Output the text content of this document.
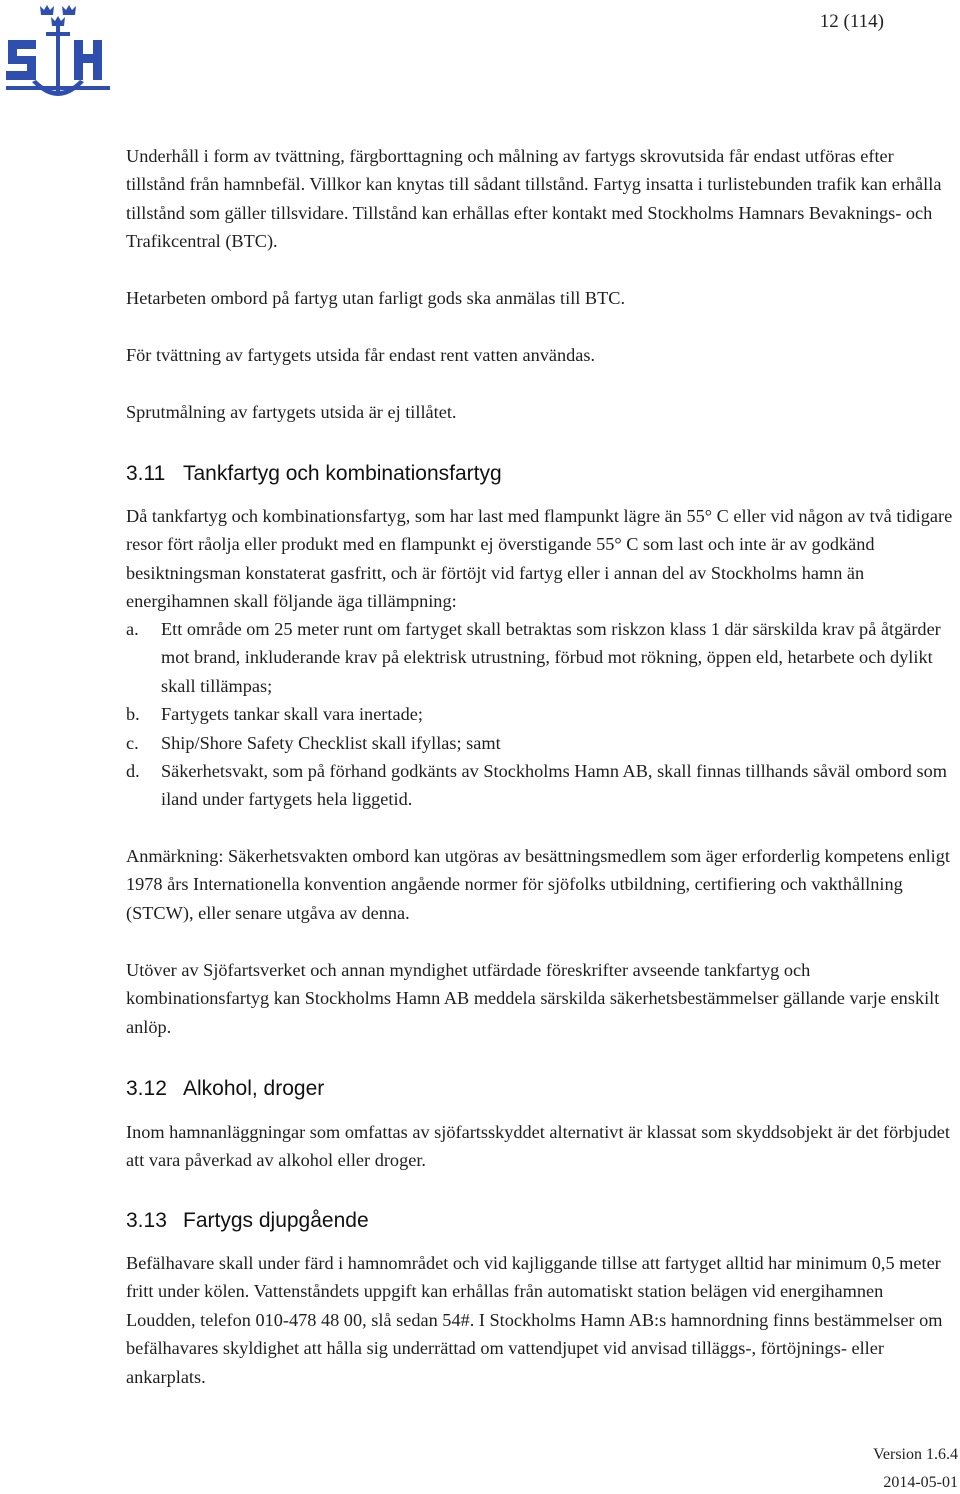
12 (114)

Underhåll i form av tvättning, färgborttagning och målning av fartygs skrovutsida får endast utföras efter tillstånd från hamnbefäl. Villkor kan knytas till sådant tillstånd. Fartyg insatta i turlistebunden trafik kan erhålla tillstånd som gäller tillsvidare. Tillstånd kan erhållas efter kontakt med Stockholms Hamnars Bevaknings- och Trafikcentral (BTC).

Hetarbeten ombord på fartyg utan farligt gods ska anmälas till BTC.

För tvättning av fartygets utsida får endast rent vatten användas.

Sprutmålning av fartygets utsida är ej tillåtet.

3.11 Tankfartyg och kombinationsfartyg

Då tankfartyg och kombinationsfartyg, som har last med flampunkt lägre än 55° C eller vid någon av två tidigare resor fört råolja eller produkt med en flampunkt ej överstigande 55° C som last och inte är av godkänd besiktningsman konstaterat gasfritt, och är förtöjt vid fartyg eller i annan del av Stockholms hamn än energihamnen skall följande äga tillämpning:

a. Ett område om 25 meter runt om fartyget skall betraktas som riskzon klass 1 där särskilda krav på åtgärder mot brand, inkluderande krav på elektrisk utrustning, förbud mot rökning, öppen eld, hetarbete och dylikt skall tillämpas;

b. Fartygets tankar skall vara inertade;

c. Ship/Shore Safety Checklist skall ifyllas; samt

d. Säkerhetsvakt, som på förhand godkänts av Stockholms Hamn AB, skall finnas tillhands såväl ombord som iland under fartygets hela liggetid.

Anmärkning: Säkerhetsvakten ombord kan utgöras av besättningsmedlem som äger erforderlig kompetens enligt 1978 års Internationella konvention angående normer för sjöfolks utbildning, certifiering och vakthållning (STCW), eller senare utgåva av denna.

Utöver av Sjöfartsverket och annan myndighet utfärdade föreskrifter avseende tankfartyg och kombinationsfartyg kan Stockholms Hamn AB meddela särskilda säkerhetsbestämmelser gällande varje enskilt anlöp.

3.12 Alkohol, droger

Inom hamnanläggningar som omfattas av sjöfartsskyddet alternativt är klassat som skyddsobjekt är det förbjudet att vara påverkad av alkohol eller droger.

3.13 Fartygs djupgående

Befälhavare skall under färd i hamnområdet och vid kajliggande tillse att fartyget alltid har minimum 0,5 meter fritt under kölen. Vattenståndets uppgift kan erhållas från automatiskt station belägen vid energihamnen Loudden, telefon 010-478 48 00, slå sedan 54#. I Stockholms Hamn AB:s hamnordning finns bestämmelser om befälhavares skyldighet att hålla sig underrättad om vattendjupet vid anvisad tilläggs-, förtöjnings- eller ankarplats.

Version 1.6.4
2014-05-01
